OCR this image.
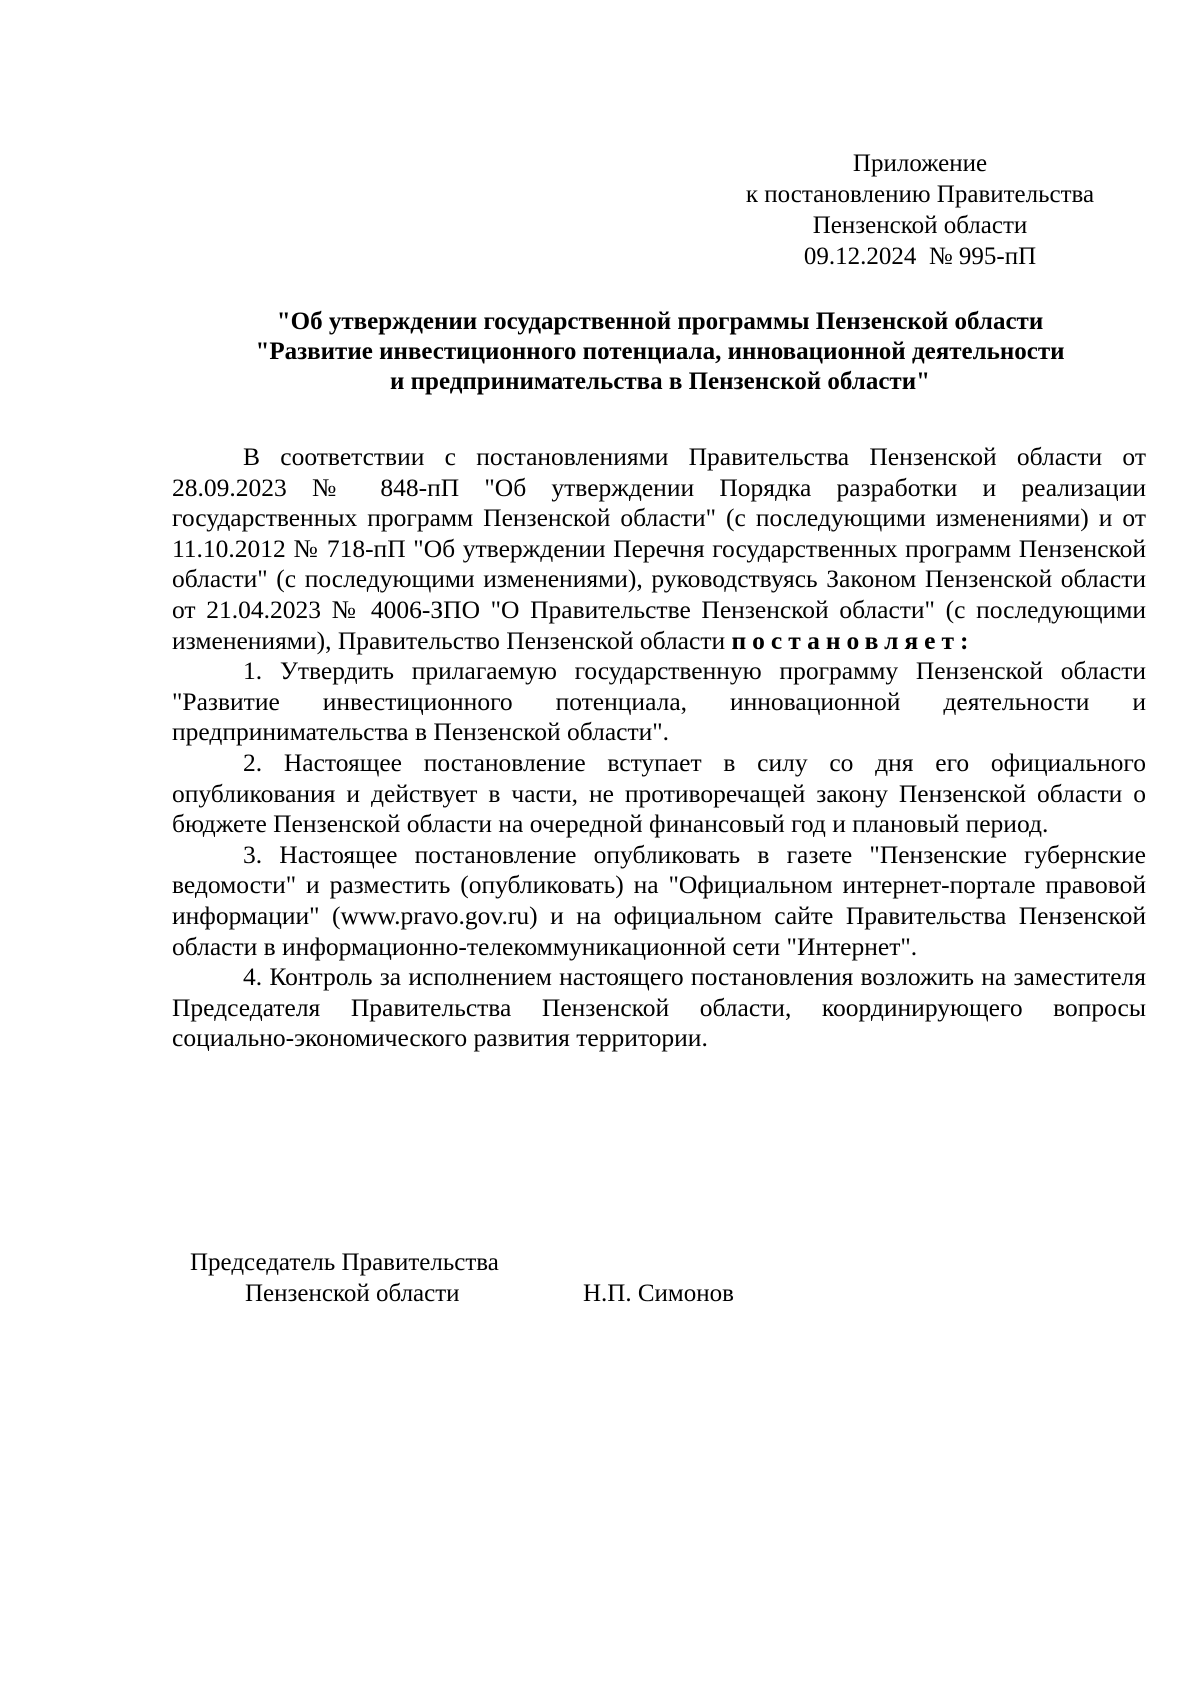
Приложение
к постановлению Правительства
Пензенской области
09.12.2024 № 995-пП
"Об утверждении государственной программы Пензенской области
"Развитие инвестиционного потенциала, инновационной деятельности
и предпринимательства в Пензенской области"

В соответствии с постановлениями Правительства Пензенской области от 28.09.2023 № 848-пП "Об утверждении Порядка разработки и реализации государственных программ Пензенской области" (с последующими изменениями) и от 11.10.2012 № 718-пП "Об утверждении Перечня государственных программ Пензенской области" (с последующими изменениями), руководствуясь Законом Пензенской области от 21.04.2023 № 4006-ЗПО "О Правительстве Пензенской области" (с последующими изменениями), Правительство Пензенской области постановляет:

1. Утвердить прилагаемую государственную программу Пензенской области "Развитие инвестиционного потенциала, инновационной деятельности и предпринимательства в Пензенской области".

2. Настоящее постановление вступает в силу со дня его официального опубликования и действует в части, не противоречащей закону Пензенской области о бюджете Пензенской области на очередной финансовый год и плановый период.

3. Настоящее постановление опубликовать в газете "Пензенские губернские ведомости" и разместить (опубликовать) на "Официальном интернет-портале правовой информации" (www.pravo.gov.ru) и на официальном сайте Правительства Пензенской области в информационно-телекоммуникационной сети "Интернет".

4. Контроль за исполнением настоящего постановления возложить на заместителя Председателя Правительства Пензенской области, координирующего вопросы социально-экономического развития территории.

Председатель Правительства
Пензенской области	Н.П. Симонов
